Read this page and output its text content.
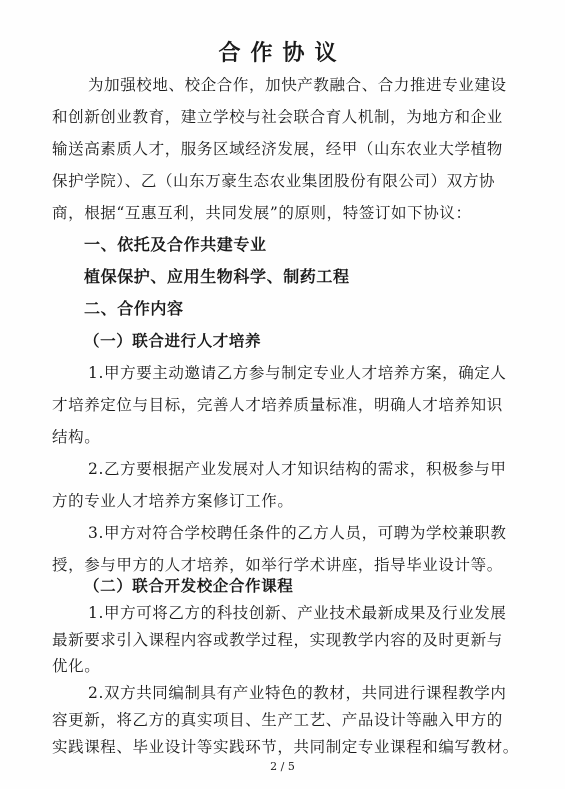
合作协议
为加强校地、校企合作，加快产教融合、合力推进专业建设
和创新创业教育，建立学校与社会联合育人机制，为地方和企业
输送高素质人才，服务区域经济发展，经甲（山东农业大学植物
保护学院）、乙（山东万豪生态农业集团股份有限公司）双方协
商，根据“互惠互利，共同发展”的原则，特签订如下协议：
一、依托及合作共建专业
植保保护、应用生物科学、制药工程
二、合作内容
（一）联合进行人才培养
1.甲方要主动邀请乙方参与制定专业人才培养方案，确定人
才培养定位与目标，完善人才培养质量标准，明确人才培养知识
结构。
2.乙方要根据产业发展对人才知识结构的需求，积极参与甲
方的专业人才培养方案修订工作。
3.甲方对符合学校聘任条件的乙方人员，可聘为学校兼职教
授，参与甲方的人才培养，如举行学术讲座，指导毕业设计等。
（二）联合开发校企合作课程
1.甲方可将乙方的科技创新、产业技术最新成果及行业发展
最新要求引入课程内容或教学过程，实现教学内容的及时更新与
优化。
2.双方共同编制具有产业特色的教材，共同进行课程教学内
容更新，将乙方的真实项目、生产工艺、产品设计等融入甲方的
2 / 5
实践课程、毕业设计等实践环节，共同制定专业课程和编写教材。
